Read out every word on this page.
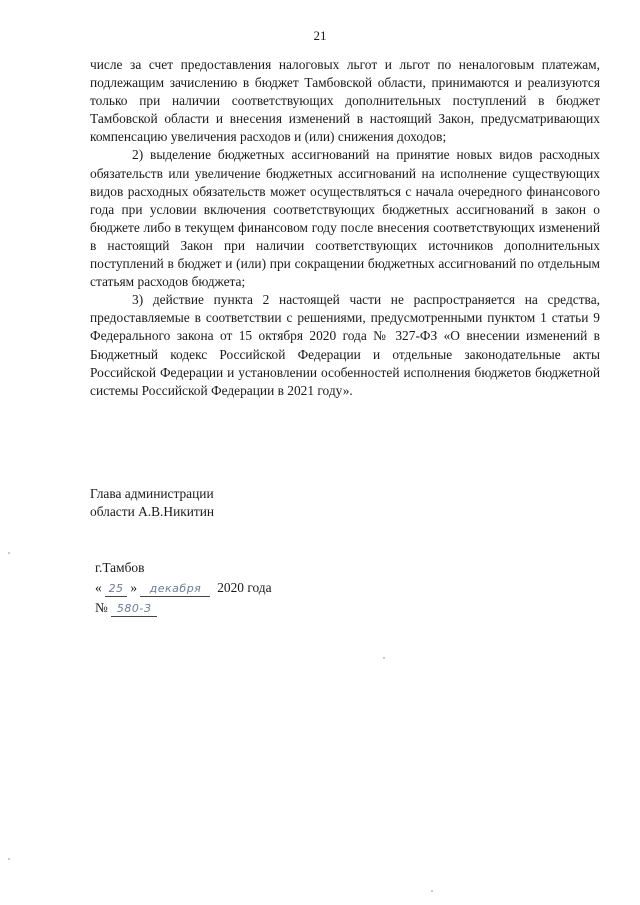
21

числе за счет предоставления налоговых льгот и льгот по неналоговым платежам, подлежащим зачислению в бюджет Тамбовской области, принимаются и реализуются только при наличии соответствующих дополнительных поступлений в бюджет Тамбовской области и внесения изменений в настоящий Закон, предусматривающих компенсацию увеличения расходов и (или) снижения доходов;

2) выделение бюджетных ассигнований на принятие новых видов расходных обязательств или увеличение бюджетных ассигнований на исполнение существующих видов расходных обязательств может осуществляться с начала очередного финансового года при условии включения соответствующих бюджетных ассигнований в закон о бюджете либо в текущем финансовом году после внесения соответствующих изменений в настоящий Закон при наличии соответствующих источников дополнительных поступлений в бюджет и (или) при сокращении бюджетных ассигнований по отдельным статьям расходов бюджета;

3) действие пункта 2 настоящей части не распространяется на средства, предоставляемые в соответствии с решениями, предусмотренными пунктом 1 статьи 9 Федерального закона от 15 октября 2020 года № 327-ФЗ «О внесении изменений в Бюджетный кодекс Российской Федерации и отдельные законодательные акты Российской Федерации и установлении особенностей исполнения бюджетов бюджетной системы Российской Федерации в 2021 году».

Глава администрации
области А.В.Никитин
г.Тамбов
« 25 » декабря 2020 года
№ 580-З
